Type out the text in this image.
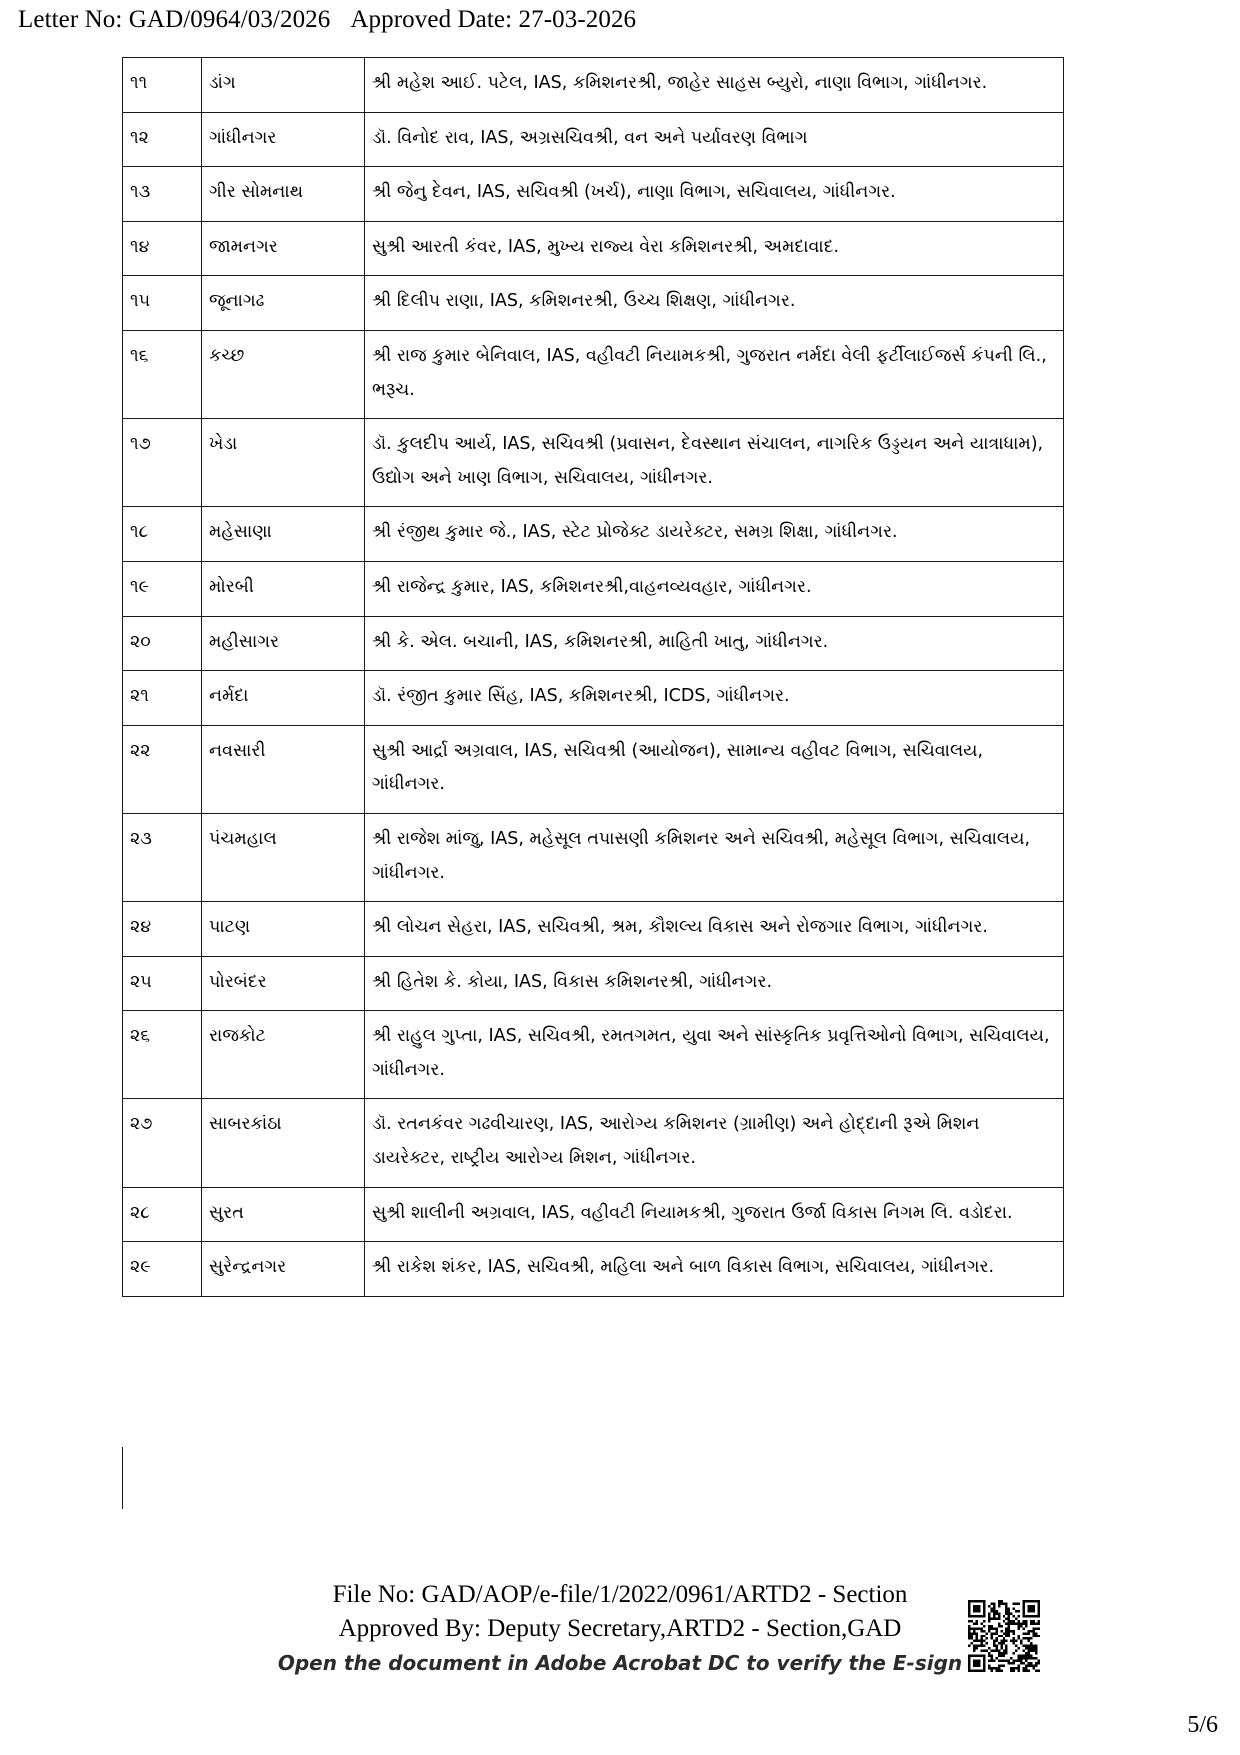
Letter No: GAD/0964/03/2026 Approved Date: 27-03-2026
૧૧	ડાંગ	શ્રી મહેશ આઈ. પટેલ, IAS, કમિશનરશ્રી, જાહેર સાહસ બ્યુરો, નાણા વિભાગ, ગાંધીનગર.
૧૨	ગાંધીનગર	ડૉ. વિનોદ રાવ, IAS, અગ્રસચિવશ્રી, વન અને પર્યાવરણ વિભાગ
૧૩	ગીર સોમનાથ	શ્રી જેનુ દેવન, IAS, સચિવશ્રી (ખર્ચ), નાણા વિભાગ, સચિવાલય, ગાંધીનગર.
૧૪	જામનગર	સુશ્રી આરતી કંવર, IAS, મુખ્ય રાજ્ય વેરા કમિશનરશ્રી, અમદાવાદ.
૧૫	જૂનાગઢ	શ્રી દિલીપ રાણા, IAS, કમિશનરશ્રી, ઉચ્ચ શિક્ષણ, ગાંધીનગર.
૧૬	કચ્છ	શ્રી રાજ કુમાર બેનિવાલ, IAS, વહીવટી નિયામકશ્રી, ગુજરાત નર્મદા વેલી ફર્ટીલાઈજર્સ કંપની લિ., ભરૂચ.
૧૭	ખેડા	ડૉ. કુલદીપ આર્ય, IAS, સચિવશ્રી (પ્રવાસન, દેવસ્થાન સંચાલન, નાગરિક ઉડ્ડયન અને યાત્રાધામ), ઉદ્યોગ અને ખાણ વિભાગ, સચિવાલય, ગાંધીનગર.
૧૮	મહેસાણા	શ્રી રંજીથ કુમાર જે., IAS, સ્ટેટ પ્રોજેક્ટ ડાયરેક્ટર, સમગ્ર શિક્ષા, ગાંધીનગર.
૧૯	મોરબી	શ્રી રાજેન્દ્ર કુમાર, IAS, કમિશનરશ્રી,વાહનવ્યવહાર, ગાંધીનગર.
૨૦	મહીસાગર	શ્રી કે. એલ. બચાની, IAS, કમિશનરશ્રી, માહિતી ખાતુ, ગાંધીનગર.
૨૧	નર્મદા	ડૉ. રંજીત કુમાર સિંહ, IAS, કમિશનરશ્રી, ICDS, ગાંધીનગર.
૨૨	નવસારી	સુશ્રી આર્દ્રા અગ્રવાલ, IAS, સચિવશ્રી (આયોજન), સામાન્ય વહીવટ વિભાગ, સચિવાલય, ગાંધીનગર.
૨૩	પંચમહાલ	શ્રી રાજેશ માંજુ, IAS, મહેસૂલ તપાસણી કમિશનર અને સચિવશ્રી, મહેસૂલ વિભાગ, સચિવાલય, ગાંધીનગર.
૨૪	પાટણ	શ્રી લોચન સેહરા, IAS, સચિવશ્રી, શ્રમ, કૌશલ્ય વિકાસ અને રોજગાર વિભાગ, ગાંધીનગર.
૨૫	પોરબંદર	શ્રી હિતેશ કે. કોયા, IAS, વિકાસ કમિશનરશ્રી, ગાંધીનગર.
૨૬	રાજકોટ	શ્રી રાહુલ ગુપ્તા, IAS, સચિવશ્રી, રમતગમત, યુવા અને સાંસ્કૃતિક પ્રવૃત્તિઓનો વિભાગ, સચિવાલય, ગાંધીનગર.
૨૭	સાબરકાંઠા	ડૉ. રતનકંવર ગઢવીચારણ, IAS, આરોગ્ય કમિશનર (ગ્રામીણ) અને હોદ્દાની રૂએ મિશન ડાયરેક્ટર, રાષ્ટ્રીય આરોગ્ય મિશન, ગાંધીનગર.
૨૮	સુરત	સુશ્રી શાલીની અગ્રવાલ, IAS, વહીવટી નિયામકશ્રી, ગુજરાત ઉર્જા વિકાસ નિગમ લિ. વડોદરા.
૨૯	સુરેન્દ્રનગર	શ્રી રાકેશ શંકર, IAS, સચિવશ્રી, મહિલા અને બાળ વિકાસ વિભાગ, સચિવાલય, ગાંધીનગર.
File No: GAD/AOP/e-file/1/2022/0961/ARTD2 - Section
Approved By: Deputy Secretary,ARTD2 - Section,GAD
Open the document in Adobe Acrobat DC to verify the E-sign
5/6
